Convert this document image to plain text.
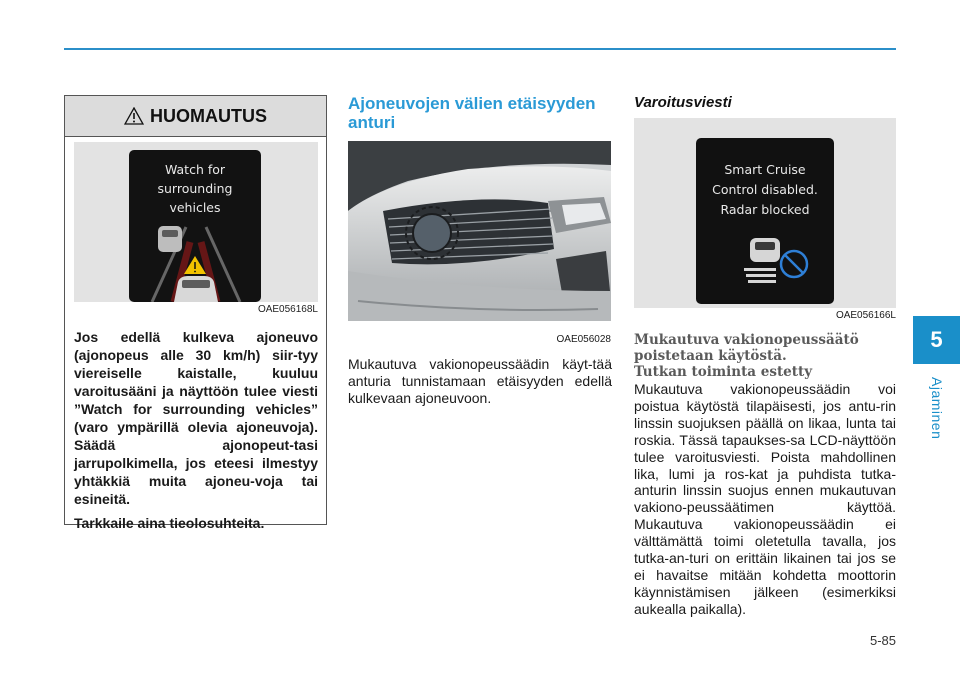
5
Ajaminen
HUOMAUTUS
Watch for
surrounding
vehicles
OAE056168L

Jos edellä kulkeva ajoneuvo (ajonopeus alle 30 km/h) siir-tyy viereiselle kaistalle, kuuluu varoitusääni ja näyttöön tulee viesti ”Watch for surrounding vehicles” (varo ympärillä olevia ajoneuvoja). Säädä ajonopeut-tasi jarrupolkimella, jos eteesi ilmestyy yhtäkkiä muita ajoneu-voja tai esineitä.

Tarkkaile aina tieolosuhteita.

Ajoneuvojen välien etäisyyden anturi
OAE056028
Mukautuva vakionopeussäädin käyt-tää anturia tunnistamaan etäisyyden edellä kulkevaan ajoneuvoon.
Varoitusviesti
Smart Cruise
Control disabled.
Radar blocked
OAE056166L
Mukautuva vakionopeussäätö poistetaan käytöstä.
Tutkan toiminta estetty
Mukautuva vakionopeussäädin voi poistua käytöstä tilapäisesti, jos antu-rin linssin suojuksen päällä on likaa, lunta tai roskia. Tässä tapaukses-sa LCD-näyttöön tulee varoitusviesti. Poista mahdollinen lika, lumi ja ros-kat ja puhdista tutka-anturin linssin suojus ennen mukautuvan vakiono-peussäätimen käyttöä. Mukautuva vakionopeussäädin ei välttämättä toimi oletetulla tavalla, jos tutka-an-turi on erittäin likainen tai jos se ei havaitse mitään kohdetta moottorin käynnistämisen jälkeen (esimerkiksi aukealla paikalla).
5-85
